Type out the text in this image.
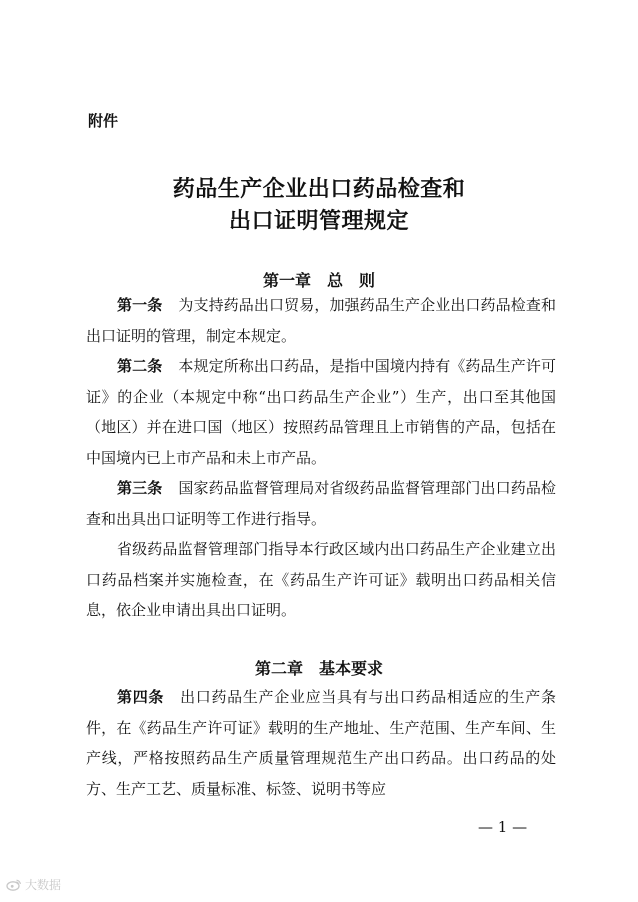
附件
药品生产企业出口药品检查和
出口证明管理规定
第一章　总　则
第一条 为支持药品出口贸易，加强药品生产企业出口药品检查和出口证明的管理，制定本规定。
第二条 本规定所称出口药品，是指中国境内持有《药品生产许可证》的企业（本规定中称“出口药品生产企业”）生产，出口至其他国（地区）并在进口国（地区）按照药品管理且上市销售的产品，包括在中国境内已上市产品和未上市产品。
第三条 国家药品监督管理局对省级药品监督管理部门出口药品检查和出具出口证明等工作进行指导。
省级药品监督管理部门指导本行政区域内出口药品生产企业建立出口药品档案并实施检查，在《药品生产许可证》载明出口药品相关信息，依企业申请出具出口证明。
第二章　基本要求
第四条 出口药品生产企业应当具有与出口药品相适应的生产条件，在《药品生产许可证》载明的生产地址、生产范围、生产车间、生产线，严格按照药品生产质量管理规范生产出口药品。出口药品的处方、生产工艺、质量标准、标签、说明书等应
— 1 —
大数据
